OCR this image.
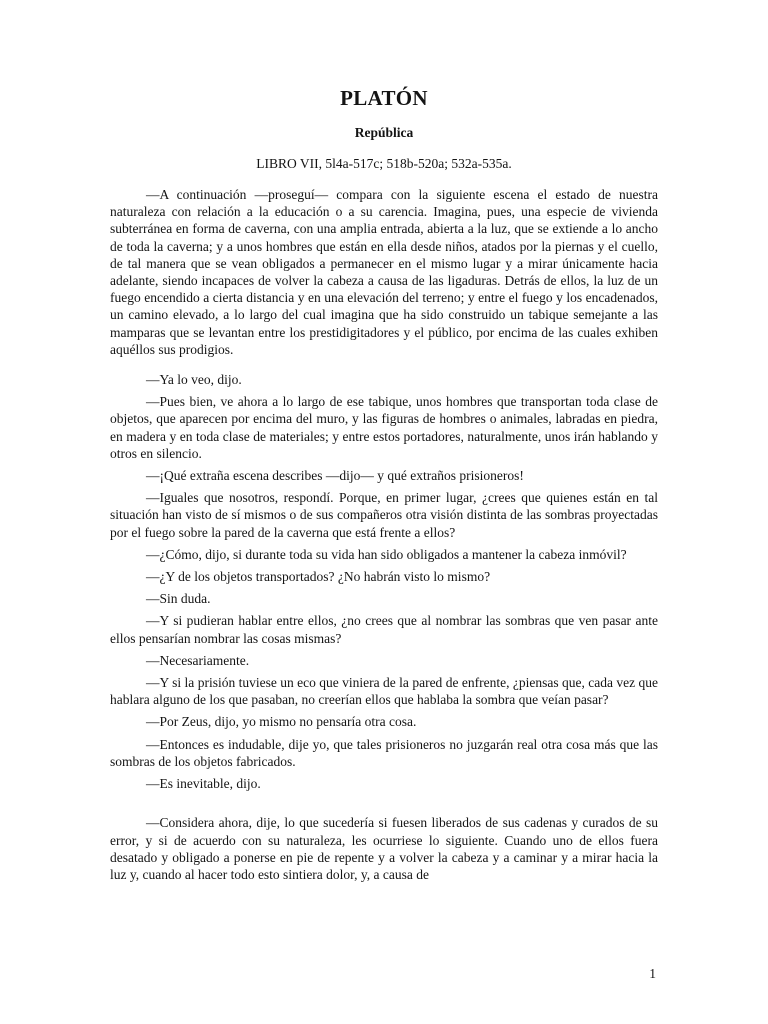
PLATÓN
República
LIBRO VII, 5l4a-517c; 518b-520a; 532a-535a.

—A continuación —proseguí— compara con la siguiente escena el estado de nuestra naturaleza con relación a la educación o a su carencia. Imagina, pues, una especie de vivienda subterránea en forma de caverna, con una amplia entrada, abierta a la luz, que se extiende a lo ancho de toda la caverna; y a unos hombres que están en ella desde niños, atados por la piernas y el cuello, de tal manera que se vean obligados a permanecer en el mismo lugar y a mirar únicamente hacia adelante, siendo incapaces de volver la cabeza a causa de las ligaduras. Detrás de ellos, la luz de un fuego encendido a cierta distancia y en una elevación del terreno; y entre el fuego y los encadenados, un camino elevado, a lo largo del cual imagina que ha sido construido un tabique semejante a las mamparas que se levantan entre los prestidigitadores y el público, por encima de las cuales exhiben aquéllos sus prodigios.

—Ya lo veo, dijo.

—Pues bien, ve ahora a lo largo de ese tabique, unos hombres que transportan toda clase de objetos, que aparecen por encima del muro, y las figuras de hombres o animales, labradas en piedra, en madera y en toda clase de materiales; y entre estos portadores, naturalmente, unos irán hablando y otros en silencio.

—¡Qué extraña escena describes —dijo— y qué extraños prisioneros!

—Iguales que nosotros, respondí. Porque, en primer lugar, ¿crees que quienes están en tal situación han visto de sí mismos o de sus compañeros otra visión distinta de las sombras proyectadas por el fuego sobre la pared de la caverna que está frente a ellos?

—¿Cómo, dijo, si durante toda su vida han sido obligados a mantener la cabeza inmóvil?

—¿Y de los objetos transportados? ¿No habrán visto lo mismo?

—Sin duda.

—Y si pudieran hablar entre ellos, ¿no crees que al nombrar las sombras que ven pasar ante ellos pensarían nombrar las cosas mismas?

—Necesariamente.

—Y si la prisión tuviese un eco que viniera de la pared de enfrente, ¿piensas que, cada vez que hablara alguno de los que pasaban, no creerían ellos que hablaba la sombra que veían pasar?

—Por Zeus, dijo, yo mismo no pensaría otra cosa.

—Entonces es indudable, dije yo, que tales prisioneros no juzgarán real otra cosa más que las sombras de los objetos fabricados.

—Es inevitable, dijo.

—Considera ahora, dije, lo que sucedería si fuesen liberados de sus cadenas y curados de su error, y si de acuerdo con su naturaleza, les ocurriese lo siguiente. Cuando uno de ellos fuera desatado y obligado a ponerse en pie de repente y a volver la cabeza y a caminar y a mirar hacia la luz y, cuando al hacer todo esto sintiera dolor, y, a causa de

1
